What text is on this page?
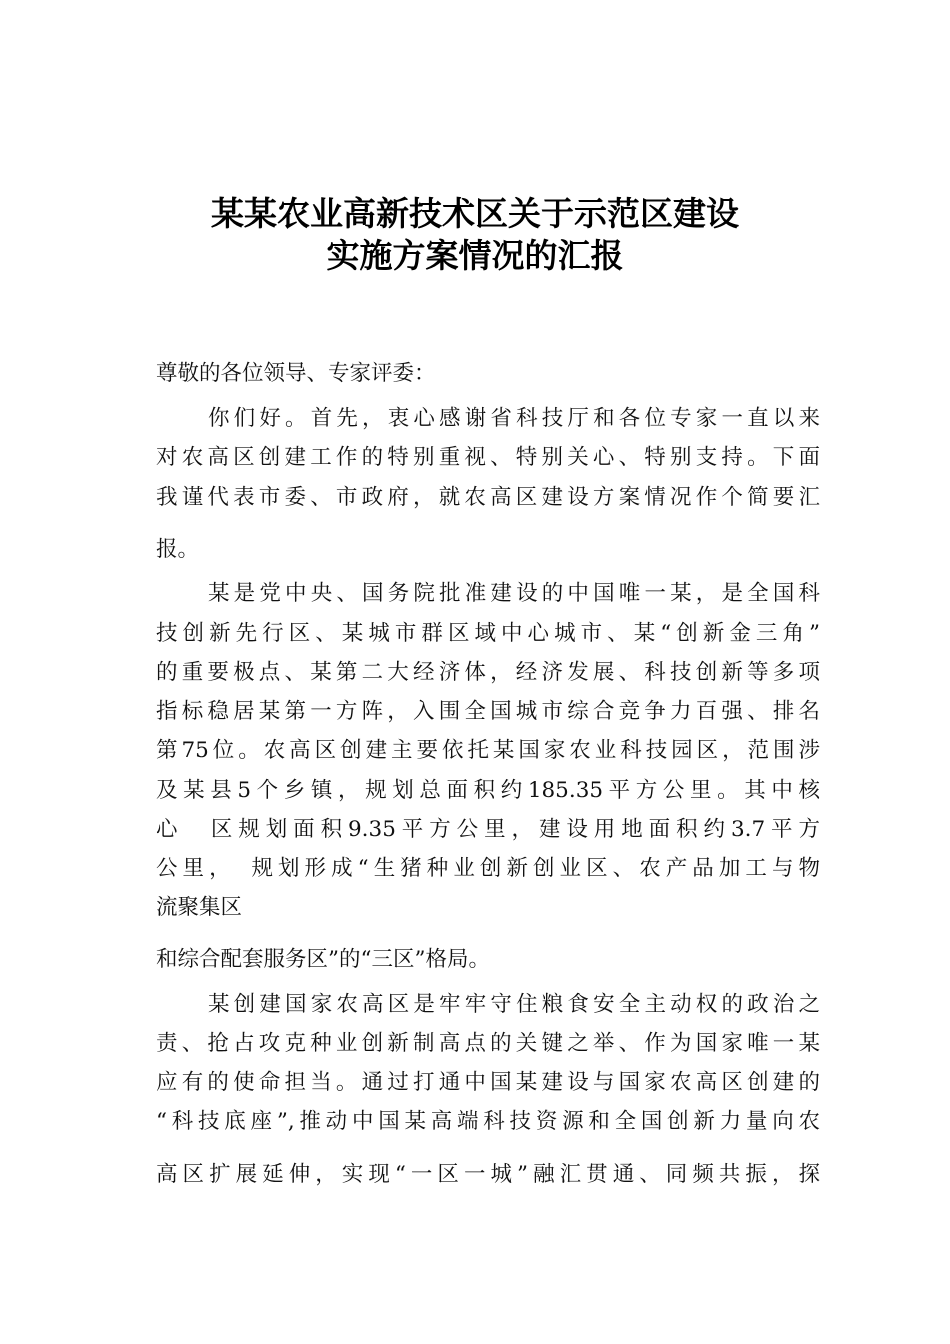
某某农业高新技术区关于示范区建设
实施方案情况的汇报
尊敬的各位领导、专家评委：
你们好。首先，衷心感谢省科技厅和各位专家一直以来
对农高区创建工作的特别重视、特别关心、特别支持。下面
我谨代表市委、市政府，就农高区建设方案情况作个简要汇
报。
某是党中央、国务院批准建设的中国唯一某，是全国科
技创新先行区、某城市群区域中心城市、某“创新金三角”
的重要极点、某第二大经济体，经济发展、科技创新等多项
指标稳居某第一方阵，入围全国城市综合竞争力百强、排名
第75位。农高区创建主要依托某国家农业科技园区，范围涉
及某县5个乡镇，规划总面积约185.35平方公里。其中核
心　区规划面积9.35平方公里，建设用地面积约3.7平方
公里，　规划形成“生猪种业创新创业区、农产品加工与物
流聚集区
和综合配套服务区”的“三区”格局。
某创建国家农高区是牢牢守住粮食安全主动权的政治之
责、抢占攻克种业创新制高点的关键之举、作为国家唯一某
应有的使命担当。通过打通中国某建设与国家农高区创建的
“科技底座”,推动中国某高端科技资源和全国创新力量向农
高区扩展延伸，实现“一区一城”融汇贯通、同频共振，探
